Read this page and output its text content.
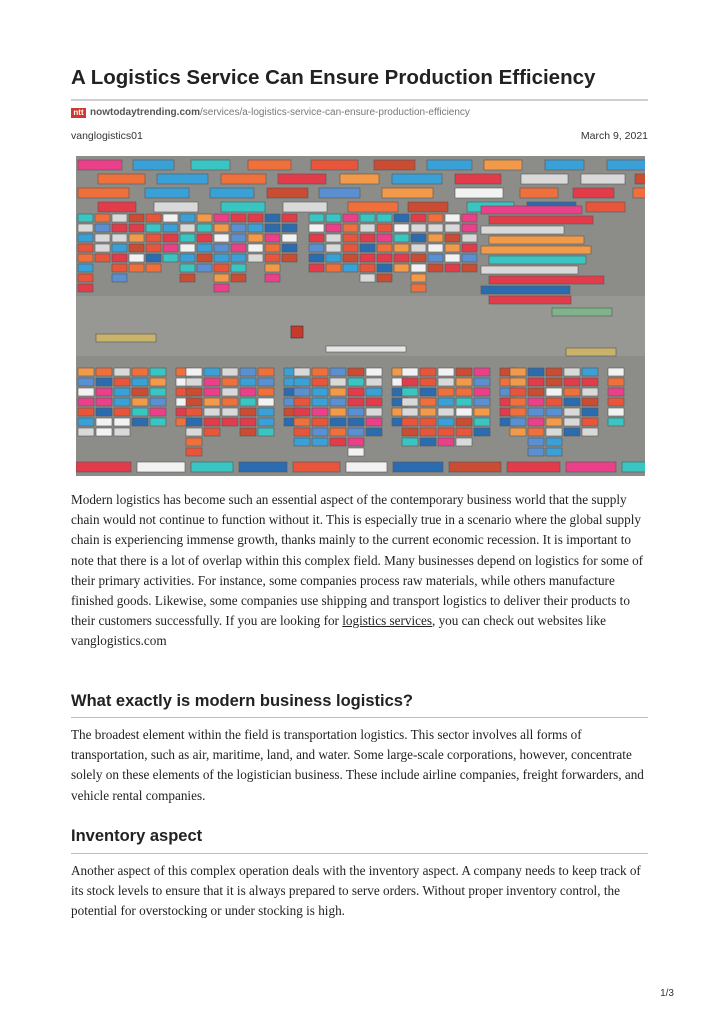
A Logistics Service Can Ensure Production Efficiency
ntt nowtodaytrending.com/services/a-logistics-service-can-ensure-production-efficiency
vanglogistics01	March 9, 2021

Modern logistics has become such an essential aspect of the contemporary business world that the supply chain would not continue to function without it. This is especially true in a scenario where the global supply chain is experiencing immense growth, thanks mainly to the current economic recession. It is important to note that there is a lot of overlap within this complex field. Many businesses depend on logistics for some of their primary activities. For instance, some companies process raw materials, while others manufacture finished goods. Likewise, some companies use shipping and transport logistics to deliver their products to their customers successfully. If you are looking for logistics services, you can check out websites like vanglogistics.com

What exactly is modern business logistics?

The broadest element within the field is transportation logistics. This sector involves all forms of transportation, such as air, maritime, land, and water. Some large-scale corporations, however, concentrate solely on these elements of the logistician business. These include airline companies, freight forwarders, and vehicle rental companies.

Inventory aspect

Another aspect of this complex operation deals with the inventory aspect. A company needs to keep track of its stock levels to ensure that it is always prepared to serve orders. Without proper inventory control, the potential for overstocking or under stocking is high.

1/3
